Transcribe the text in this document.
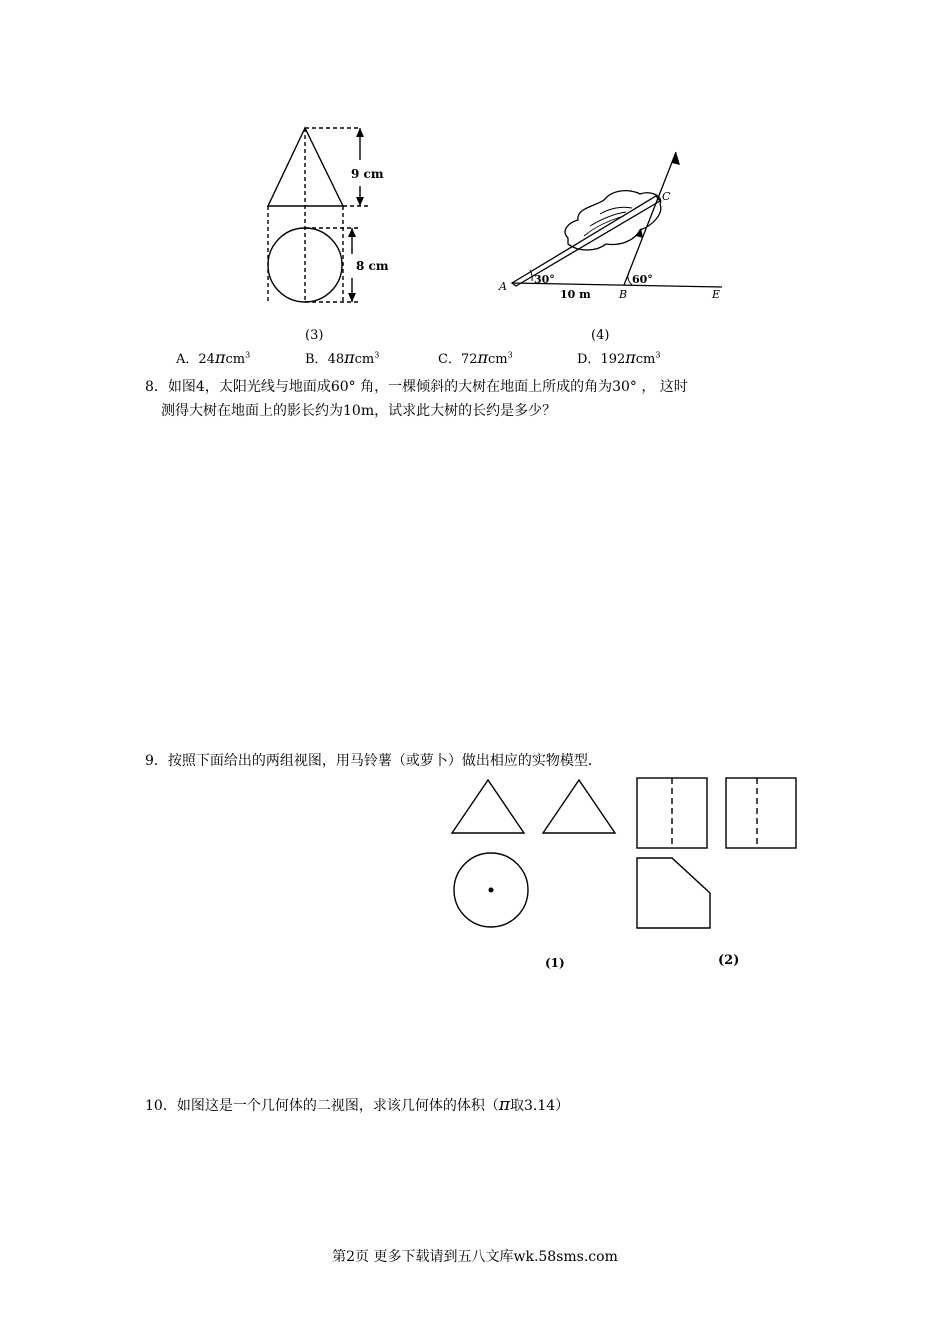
9 cm
8 cm
A
B
C
E
30°	60°
10 m
(3)	(4)
A．24πcm$^3$	B．48πcm$^3$	C．72πcm$^3$	D．192πcm$^3$
8．如图4，太阳光线与地面成60° 角，一棵倾斜的大树在地面上所成的角为30° ， 这时
测得大树在地面上的影长约为10m，试求此大树的长约是多少？
9．按照下面给出的两组视图，用马铃薯（或萝卜）做出相应的实物模型．
(1)	(2)
10．如图这是一个几何体的二视图，求该几何体的体积（π取3.14）
第2页 更多下载请到五八文库wk.58sms.com
